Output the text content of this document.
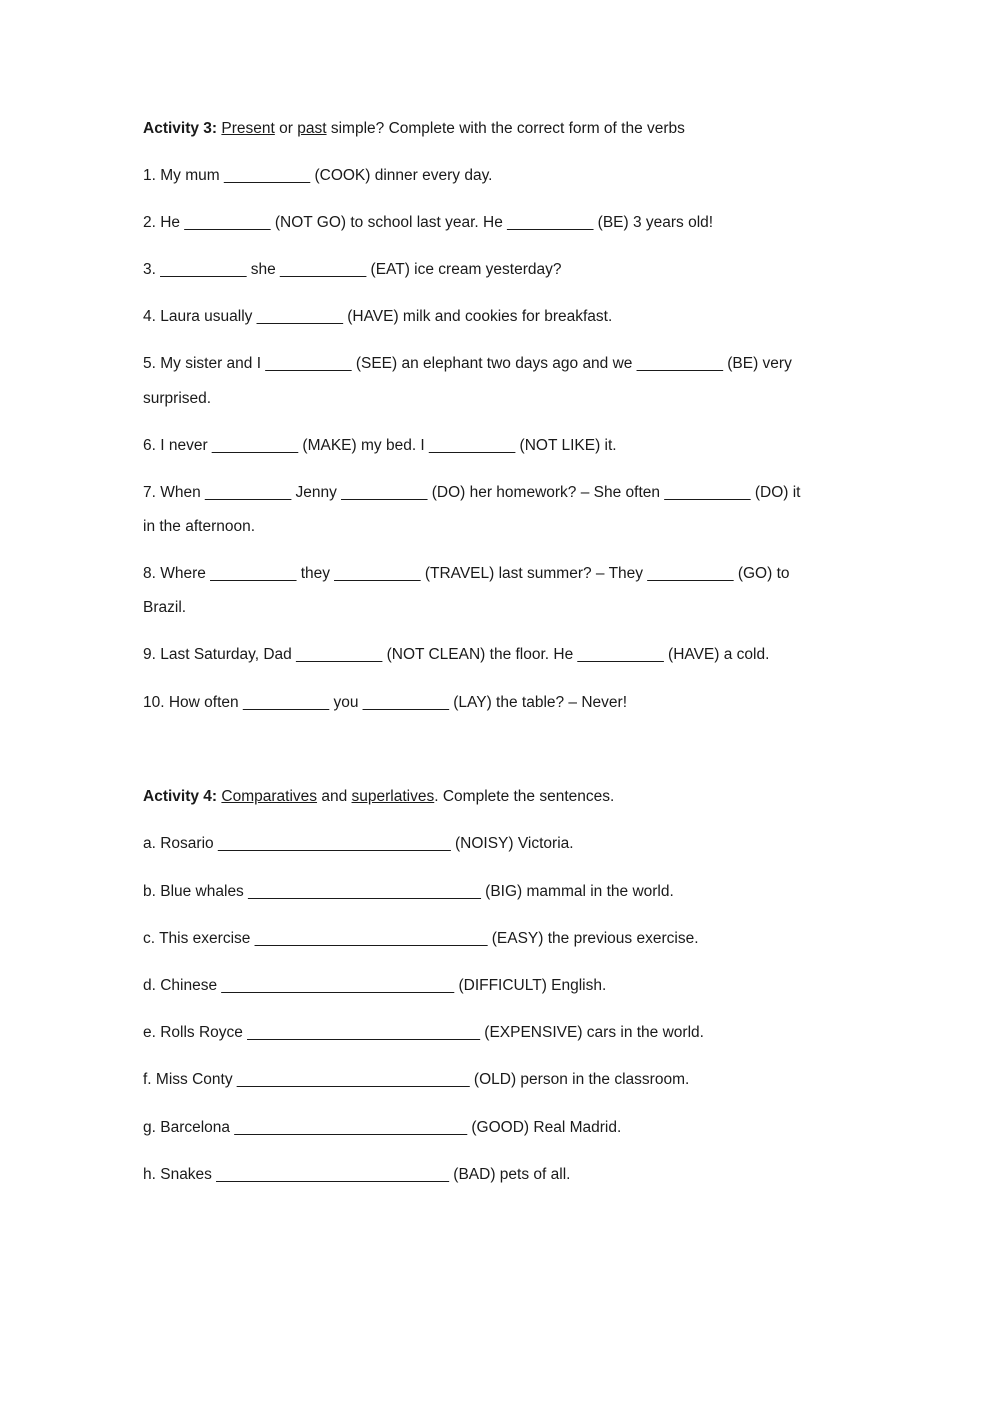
Activity 3: Present or past simple? Complete with the correct form of the verbs
1. My mum __________ (COOK) dinner every day.
2. He __________ (NOT GO) to school last year. He __________ (BE) 3 years old!
3. __________ she __________ (EAT) ice cream yesterday?
4. Laura usually __________ (HAVE) milk and cookies for breakfast.
5. My sister and I __________ (SEE) an elephant two days ago and we __________ (BE) very
surprised.
6. I never __________ (MAKE) my bed. I __________ (NOT LIKE) it.
7. When __________ Jenny __________ (DO) her homework? – She often __________ (DO) it
in the afternoon.
8. Where __________ they __________ (TRAVEL) last summer? – They __________ (GO) to
Brazil.
9. Last Saturday, Dad __________ (NOT CLEAN) the floor. He __________ (HAVE) a cold.
10. How often __________ you __________ (LAY) the table? – Never!
Activity 4: Comparatives and superlatives. Complete the sentences.
a. Rosario ___________________________ (NOISY) Victoria.
b. Blue whales ___________________________ (BIG) mammal in the world.
c. This exercise ___________________________ (EASY) the previous exercise.
d. Chinese ___________________________ (DIFFICULT) English.
e. Rolls Royce ___________________________ (EXPENSIVE) cars in the world.
f. Miss Conty ___________________________ (OLD) person in the classroom.
g. Barcelona ___________________________ (GOOD) Real Madrid.
h. Snakes ___________________________ (BAD) pets of all.
